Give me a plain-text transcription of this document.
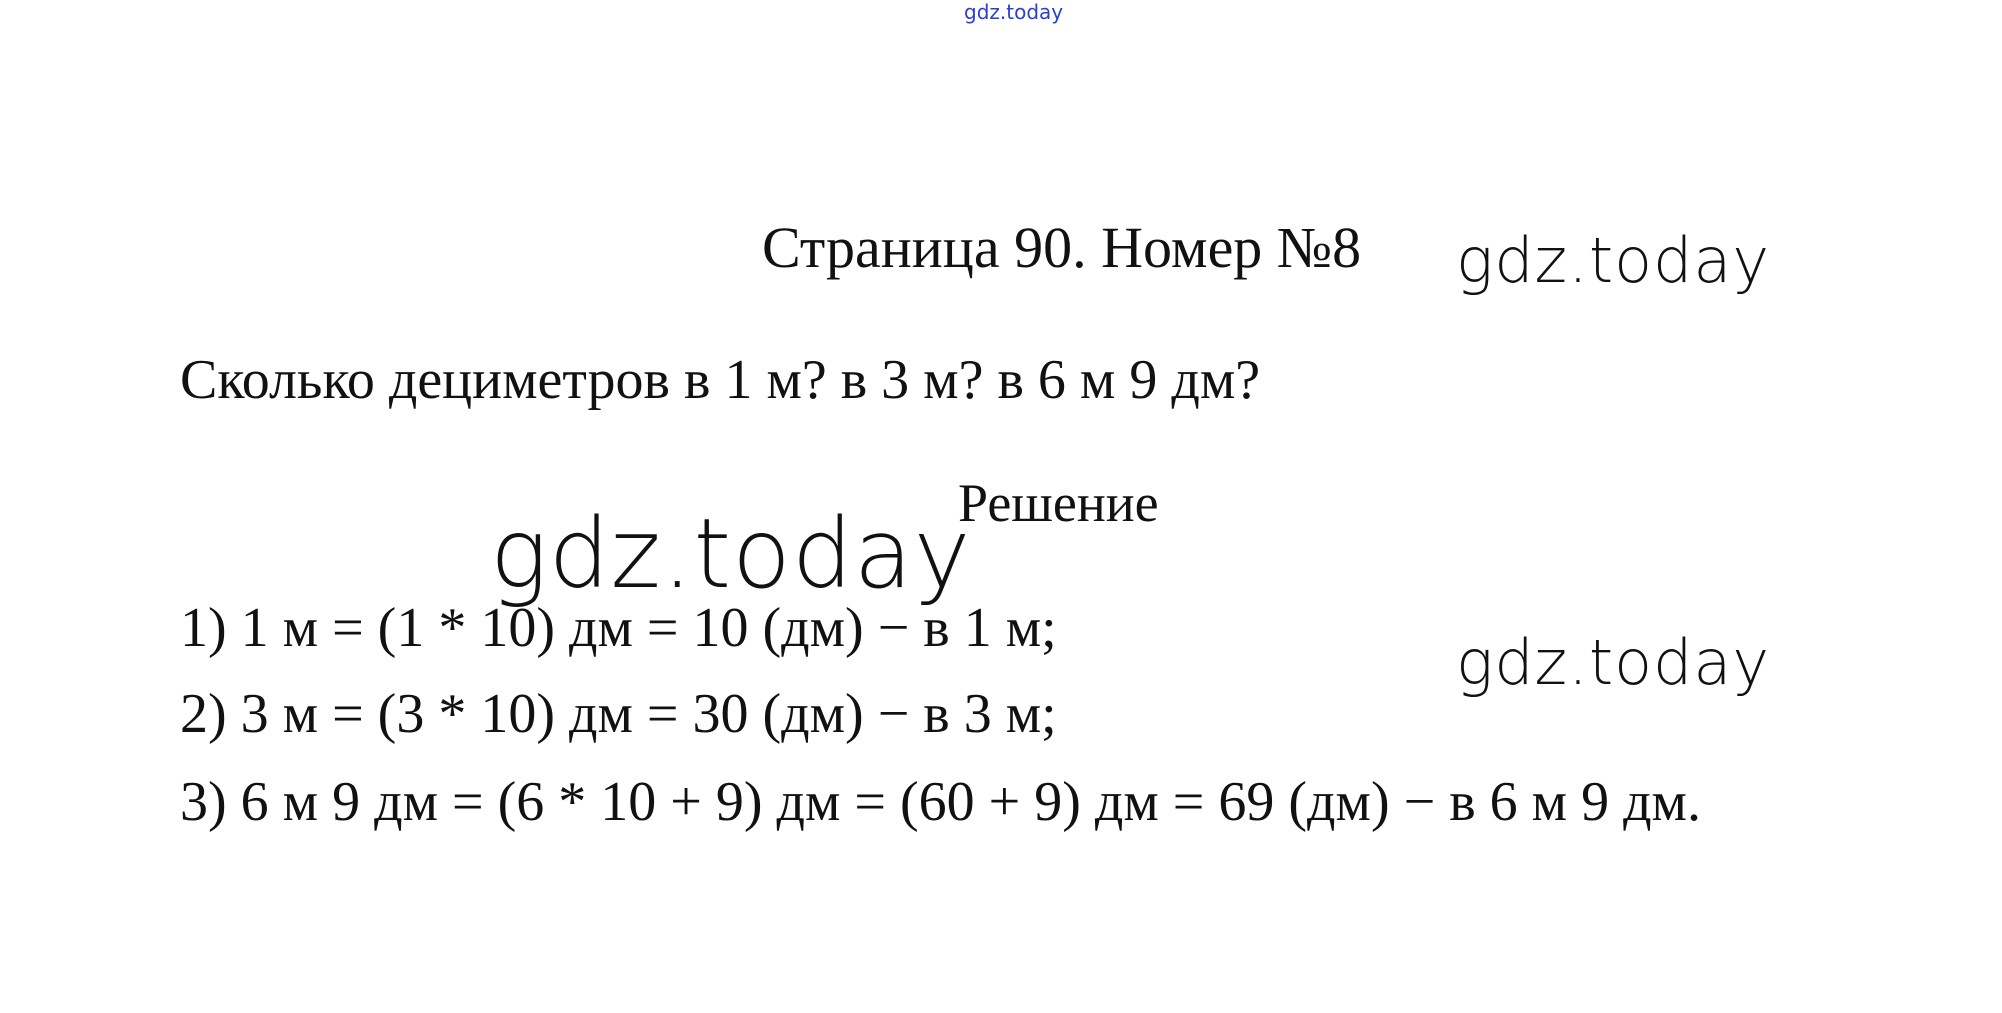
gdz.today
Страница 90. Номер №8 gdz.today
Сколько дециметров в 1 м? в 3 м? в 6 м 9 дм?
gdz.today
Решение
1) 1 м = (1 * 10) дм = 10 (дм) − в 1 м;	gdz.today
2) 3 м = (3 * 10) дм = 30 (дм) − в 3 м;
3) 6 м 9 дм = (6 * 10 + 9) дм = (60 + 9) дм = 69 (дм) − в 6 м 9 дм.
